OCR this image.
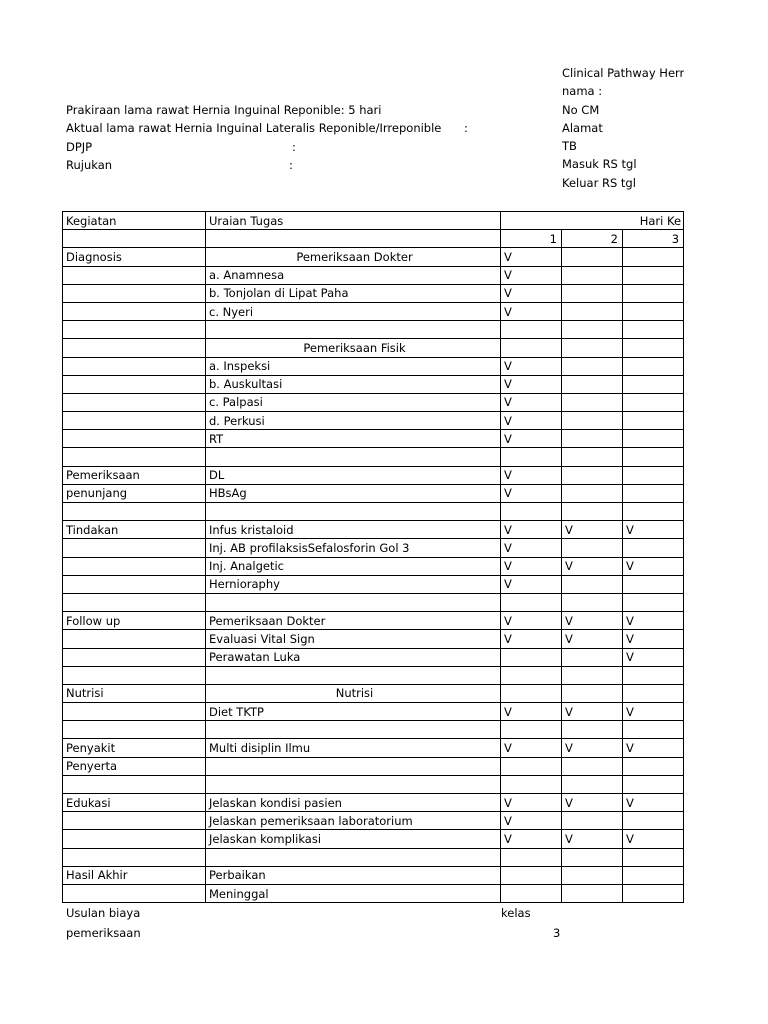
Clinical Pathway Herr
nama :
No CM
Alamat
TB
Masuk RS tgl
Keluar RS tgl
Prakiraan lama rawat Hernia Inguinal Reponible: 5 hari
Aktual lama rawat Hernia Inguinal Lateralis Reponible/Irreponible :
DPJP	:
Rujukan	:
Kegiatan	Uraian Tugas	Hari Ke		
		1	2	3
Diagnosis	Pemeriksaan Dokter	V		
	a. Anamnesa	V		
	b. Tonjolan di Lipat Paha	V		
	c. Nyeri	V		

	Pemeriksaan Fisik			
	a. Inspeksi	V		
	b. Auskultasi	V		
	c. Palpasi	V		
	d. Perkusi	V		
	RT	V		

Pemeriksaan	DL	V		
penunjang	HBsAg	V		

Tindakan	Infus kristaloid	V	V	V
	Inj. AB profilaksisSefalosforin Gol 3	V		
	Inj. Analgetic	V	V	V
	Hernioraphy	V		

Follow up	Pemeriksaan Dokter	V	V	V
	Evaluasi Vital Sign	V	V	V
	Perawatan Luka			V

Nutrisi	Nutrisi			
	Diet TKTP	V	V	V

Penyakit	Multi disiplin Ilmu	V	V	V
Penyerta				

Edukasi	Jelaskan kondisi pasien	V	V	V
	Jelaskan pemeriksaan laboratorium	V		
	Jelaskan komplikasi	V	V	V

Hasil Akhir	Perbaikan			
	Meninggal			
Usulan biaya	kelas
pemeriksaan	3
